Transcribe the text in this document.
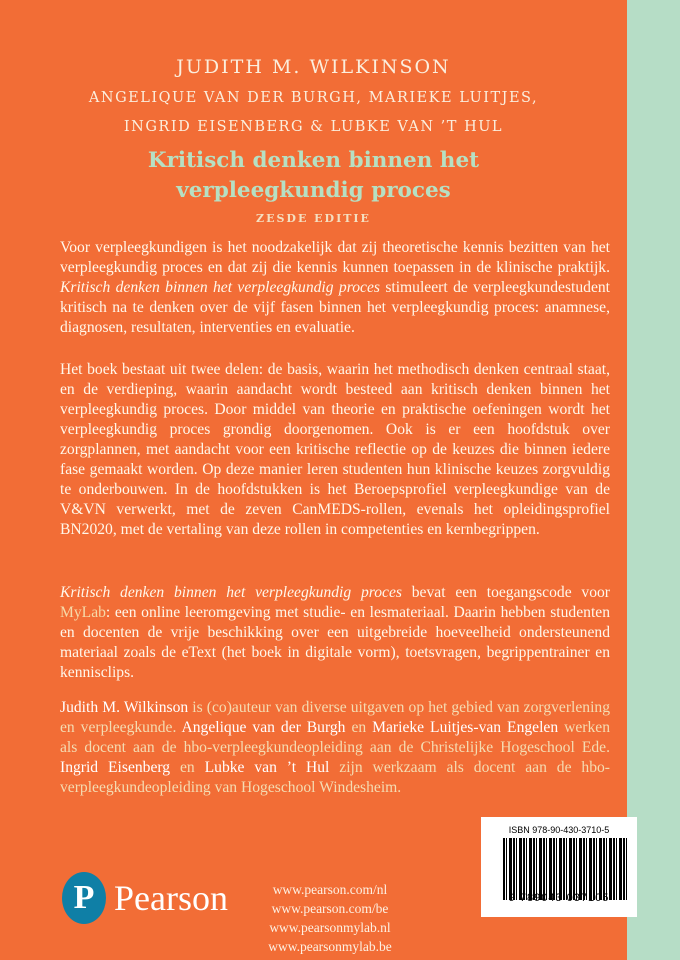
JUDITH M. WILKINSON
ANGELIQUE VAN DER BURGH, MARIEKE LUITJES,
INGRID EISENBERG & LUBKE VAN ’T HUL
Kritisch denken binnen het
verpleegkundig proces
ZESDE EDITIE
Voor verpleegkundigen is het noodzakelijk dat zij theoretische kennis bezitten van het verpleegkundig proces en dat zij die kennis kunnen toepassen in de klinische praktijk. Kritisch denken binnen het verpleegkundig proces stimuleert de verpleegkundestudent kritisch na te denken over de vijf fasen binnen het verpleegkundig proces: anamnese, diagnosen, resultaten, interventies en evaluatie.
Het boek bestaat uit twee delen: de basis, waarin het methodisch denken centraal staat, en de verdieping, waarin aandacht wordt besteed aan kritisch denken binnen het verpleegkundig proces. Door middel van theorie en praktische oefeningen wordt het verpleegkundig proces grondig doorgenomen. Ook is er een hoofdstuk over zorgplannen, met aandacht voor een kritische reflectie op de keuzes die binnen iedere fase gemaakt worden. Op deze manier leren studenten hun klinische keuzes zorgvuldig te onderbouwen. In de hoofdstukken is het Beroepsprofiel verpleegkundige van de V&VN verwerkt, met de zeven CanMEDS-rollen, evenals het opleidingsprofiel BN2020, met de vertaling van deze rollen in competenties en kernbegrippen.
Kritisch denken binnen het verpleegkundig proces bevat een toegangscode voor MyLab: een online leeromgeving met studie- en lesmateriaal. Daarin hebben studenten en docenten de vrije beschikking over een uitgebreide hoeveelheid ondersteunend materiaal zoals de eText (het boek in digitale vorm), toetsvragen, begrippentrainer en kennisclips.
Judith M. Wilkinson is (co)auteur van diverse uitgaven op het gebied van zorgverlening en verpleegkunde. Angelique van der Burgh en Marieke Luitjes-van Engelen werken als docent aan de hbo-verpleegkundeopleiding aan de Christelijke Hogeschool Ede. Ingrid Eisenberg en Lubke van ’t Hul zijn werkzaam als docent aan de hbo-verpleegkundeopleiding van Hogeschool Windesheim.
P Pearson	www.pearson.com/nl
www.pearson.com/be
www.pearsonmylab.nl
www.pearsonmylab.be
ISBN 978-90-430-3710-5
9 789043 037105
